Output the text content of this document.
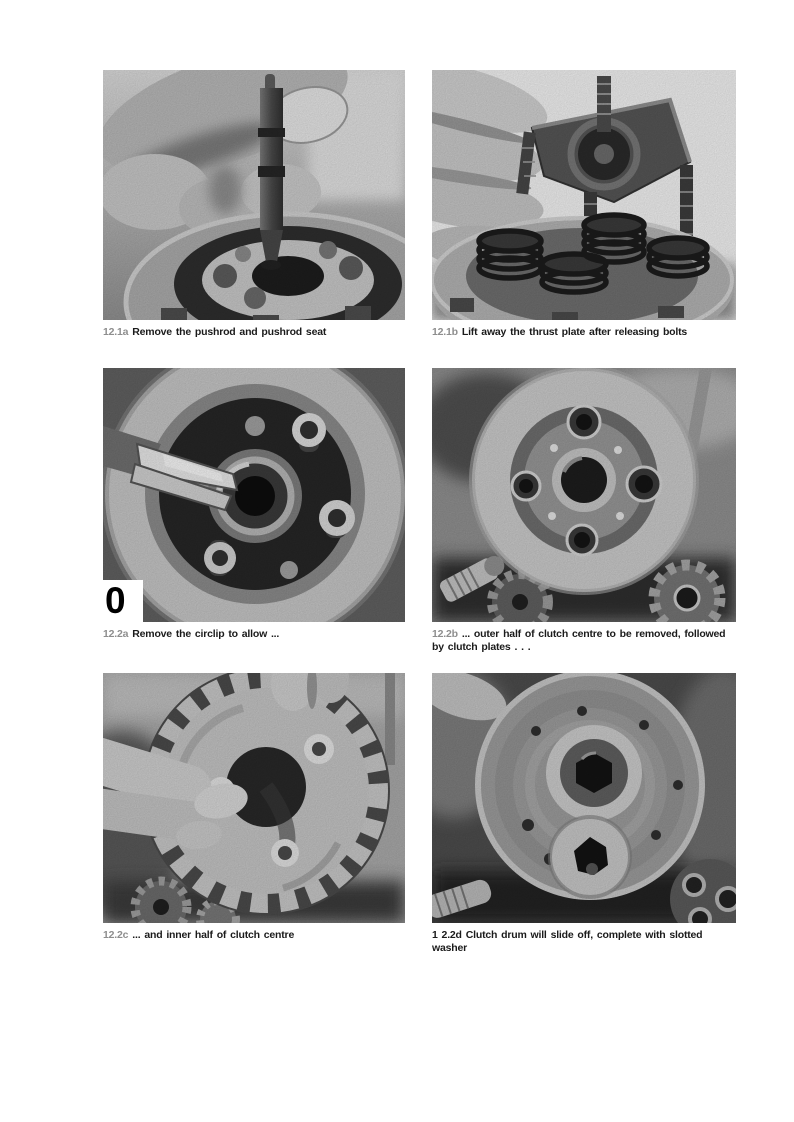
12.1a Remove the pushrod and pushrod seat	12.1b Lift away the thrust plate after releasing bolts
0
12.2a Remove the circlip to allow ...	12.2b ... outer half of clutch centre to be removed, followed by clutch plates . . .
12.2c ... and inner half of clutch centre	1 2.2d Clutch drum will slide off, complete with slotted washer
